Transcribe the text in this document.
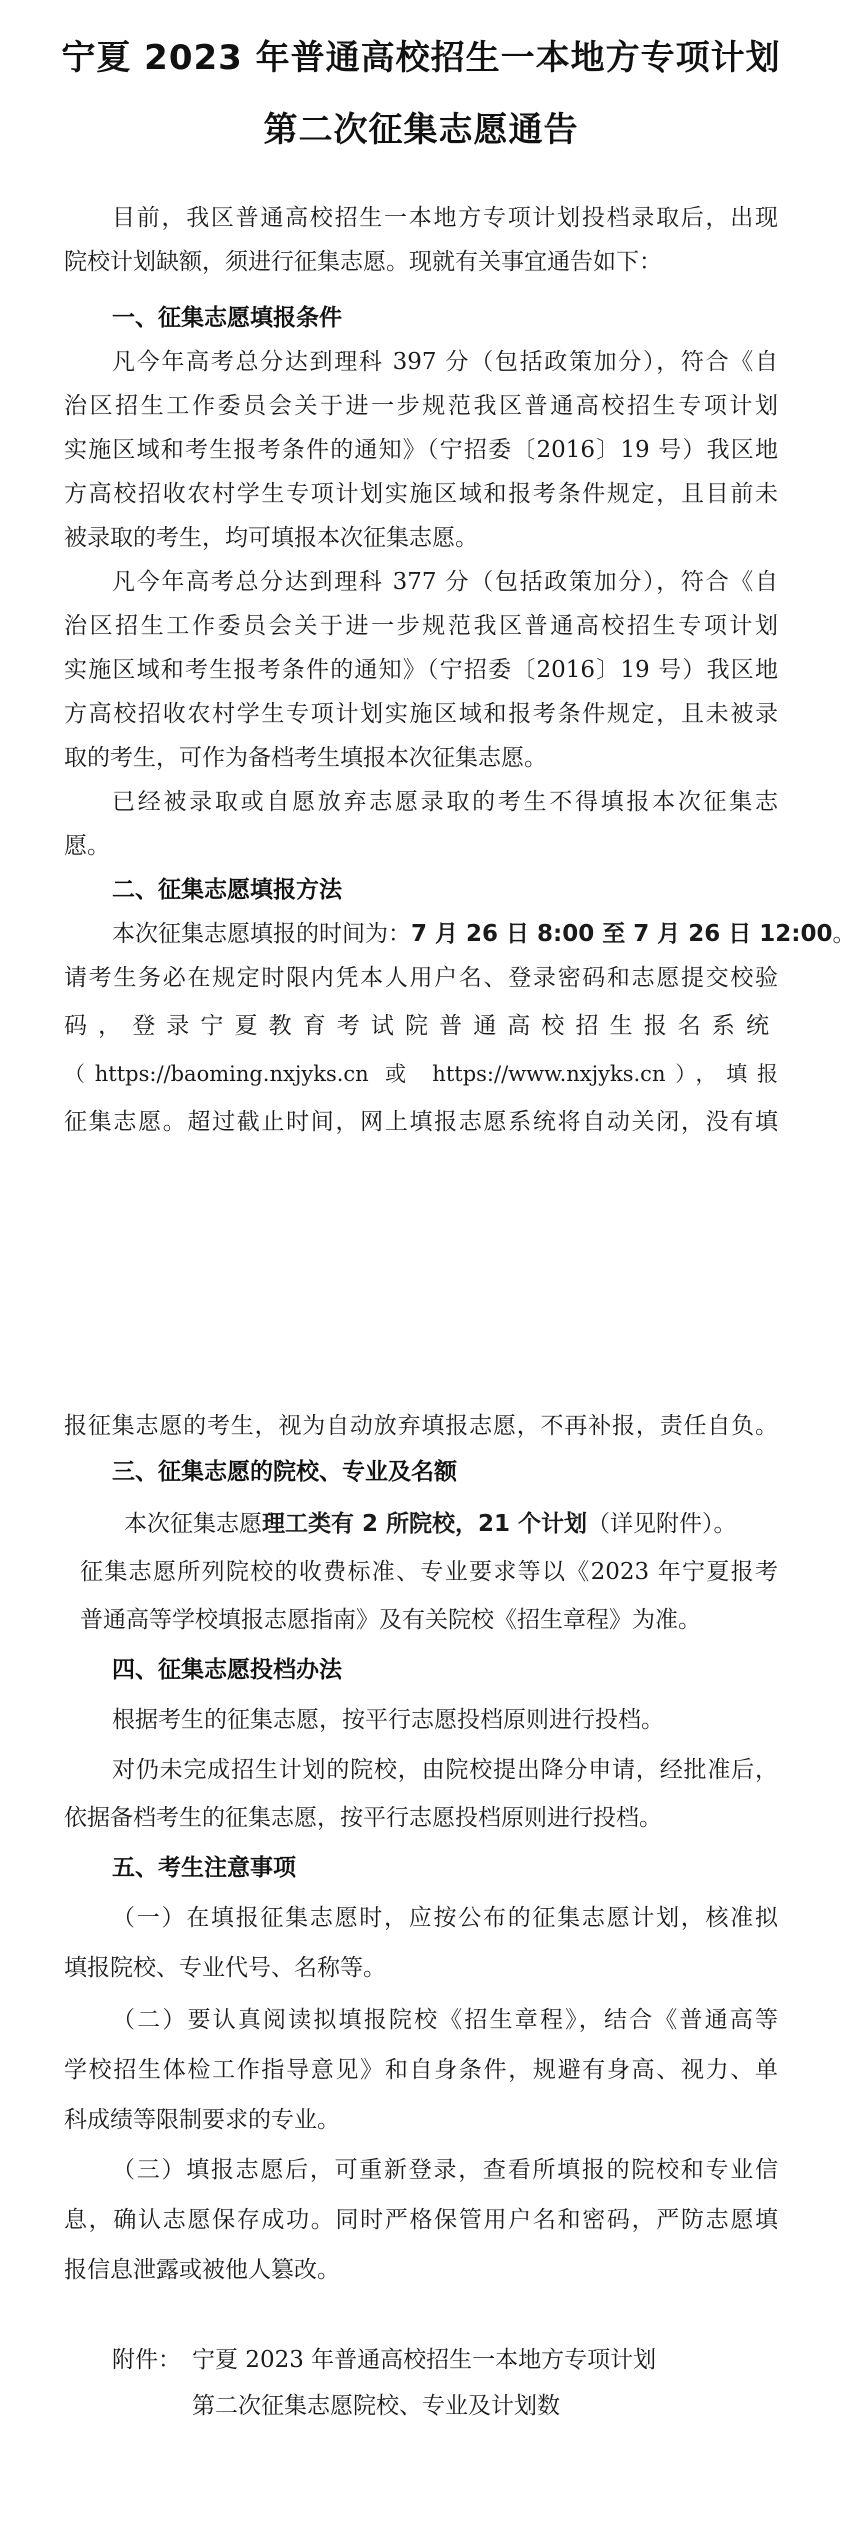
宁夏 2023 年普通高校招生一本地方专项计划
第二次征集志愿通告
目前，我区普通高校招生一本地方专项计划投档录取后，出现
院校计划缺额，须进行征集志愿。现就有关事宜通告如下：
一、征集志愿填报条件
凡今年高考总分达到理科 397 分（包括政策加分），符合《自
治区招生工作委员会关于进一步规范我区普通高校招生专项计划
实施区域和考生报考条件的通知》（宁招委〔2016〕19 号）我区地
方高校招收农村学生专项计划实施区域和报考条件规定，且目前未
被录取的考生，均可填报本次征集志愿。
凡今年高考总分达到理科 377 分（包括政策加分），符合《自
治区招生工作委员会关于进一步规范我区普通高校招生专项计划
实施区域和考生报考条件的通知》（宁招委〔2016〕19 号）我区地
方高校招收农村学生专项计划实施区域和报考条件规定，且未被录
取的考生，可作为备档考生填报本次征集志愿。
已经被录取或自愿放弃志愿录取的考生不得填报本次征集志
愿。
二、征集志愿填报方法
本次征集志愿填报的时间为：7 月 26 日 8:00 至 7 月 26 日 12:00。
请考生务必在规定时限内凭本人用户名、登录密码和志愿提交校验
码，登录宁夏教育考试院普通高校招生报名系统
（https://baoming.nxjyks.cn 或 https://www.nxjyks.cn），填报
征集志愿。超过截止时间，网上填报志愿系统将自动关闭，没有填
报征集志愿的考生，视为自动放弃填报志愿，不再补报，责任自负。
三、征集志愿的院校、专业及名额
本次征集志愿理工类有 2 所院校，21 个计划（详见附件）。
征集志愿所列院校的收费标准、专业要求等以《2023 年宁夏报考
普通高等学校填报志愿指南》及有关院校《招生章程》为准。
四、征集志愿投档办法
根据考生的征集志愿，按平行志愿投档原则进行投档。
对仍未完成招生计划的院校，由院校提出降分申请，经批准后，
依据备档考生的征集志愿，按平行志愿投档原则进行投档。
五、考生注意事项
（一）在填报征集志愿时，应按公布的征集志愿计划，核准拟
填报院校、专业代号、名称等。
（二）要认真阅读拟填报院校《招生章程》，结合《普通高等
学校招生体检工作指导意见》和自身条件，规避有身高、视力、单
科成绩等限制要求的专业。
（三）填报志愿后，可重新登录，查看所填报的院校和专业信
息，确认志愿保存成功。同时严格保管用户名和密码，严防志愿填
报信息泄露或被他人篡改。
附件： 宁夏 2023 年普通高校招生一本地方专项计划
第二次征集志愿院校、专业及计划数
